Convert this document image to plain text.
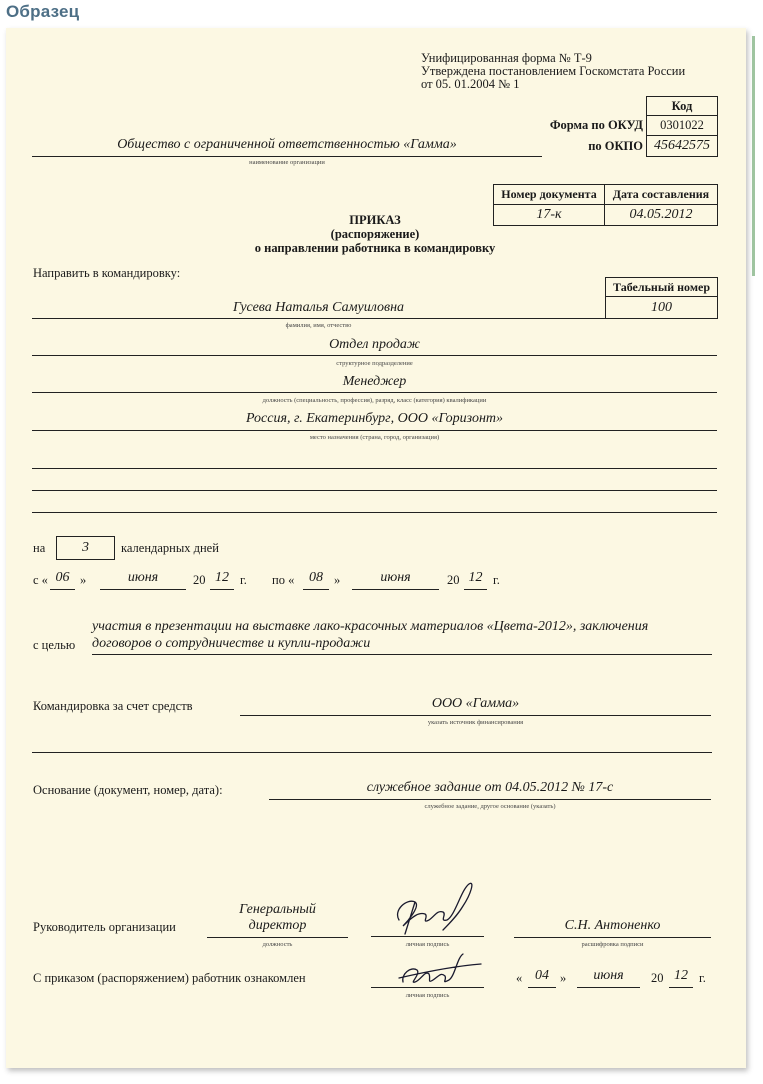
Образец
Унифицированная форма № Т-9
Утверждена постановлением Госкомстата России
от 05. 01.2004 № 1
Код
Форма по ОКУД	0301022
по ОКПО 45642575
Общество с ограниченной ответственностью «Гамма»
наименование организации
Номер документа	Дата составления
17-к	04.05.2012
ПРИКАЗ
(распоряжение)
о направлении работника в командировку
Направить в командировку:
Табельный номер
100
Гусева Наталья Самуиловна
фамилия, имя, отчество
Отдел продаж
структурное подразделение
Менеджер
должность (специальность, профессия), разряд, класс (категория) квалификации
Россия, г. Екатеринбург, ООО «Горизонт»
место назначения (страна, город, организация)
на	3	календарных дней
с « 06 »	июня	20 12 г. по «	08 »	июня	20 12 г.
с целью
участия в презентации на выставке лако-красочных материалов «Цвета-2012», заключения
договоров о сотрудничестве и купли-продажи
Командировка за счет средств	ООО «Гамма»
указать источник финансирования
Основание (документ, номер, дата):	служебное задание от 04.05.2012 № 17-с
служебное задание, другое основание (указать)
Руководитель организации
Генеральный
директор
должность	личная подпись
С.Н. Антоненко
расшифровка подписи
С приказом (распоряжением) работник ознакомлен
личная подпись
« 04 »	июня	20 12 г.
